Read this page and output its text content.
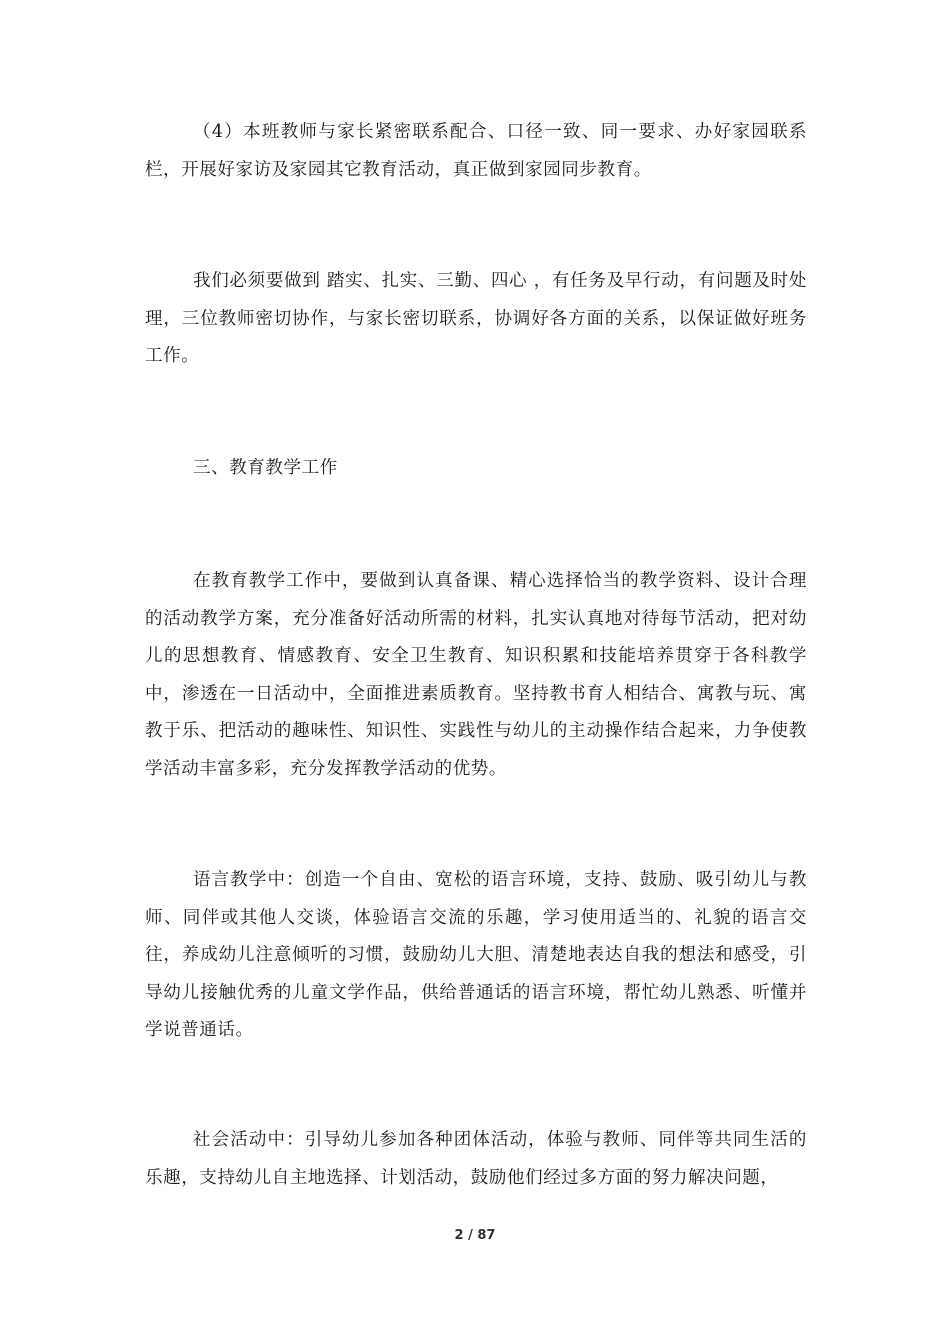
（4）本班教师与家长紧密联系配合、口径一致、同一要求、办好家园联系栏，开展好家访及家园其它教育活动，真正做到家园同步教育。

我们必须要做到 踏实、扎实、三勤、四心 ，有任务及早行动，有问题及时处理，三位教师密切协作，与家长密切联系，协调好各方面的关系，以保证做好班务工作。

三、教育教学工作

在教育教学工作中，要做到认真备课、精心选择恰当的教学资料、设计合理的活动教学方案，充分准备好活动所需的材料，扎实认真地对待每节活动，把对幼儿的思想教育、情感教育、安全卫生教育、知识积累和技能培养贯穿于各科教学中，渗透在一日活动中，全面推进素质教育。坚持教书育人相结合、寓教与玩、寓教于乐、把活动的趣味性、知识性、实践性与幼儿的主动操作结合起来，力争使教学活动丰富多彩，充分发挥教学活动的优势。

语言教学中：创造一个自由、宽松的语言环境，支持、鼓励、吸引幼儿与教师、同伴或其他人交谈，体验语言交流的乐趣，学习使用适当的、礼貌的语言交往，养成幼儿注意倾听的习惯，鼓励幼儿大胆、清楚地表达自我的想法和感受，引导幼儿接触优秀的儿童文学作品，供给普通话的语言环境，帮忙幼儿熟悉、听懂并学说普通话。

社会活动中：引导幼儿参加各种团体活动，体验与教师、同伴等共同生活的乐趣，支持幼儿自主地选择、计划活动，鼓励他们经过多方面的努力解决问题，

2 / 87
